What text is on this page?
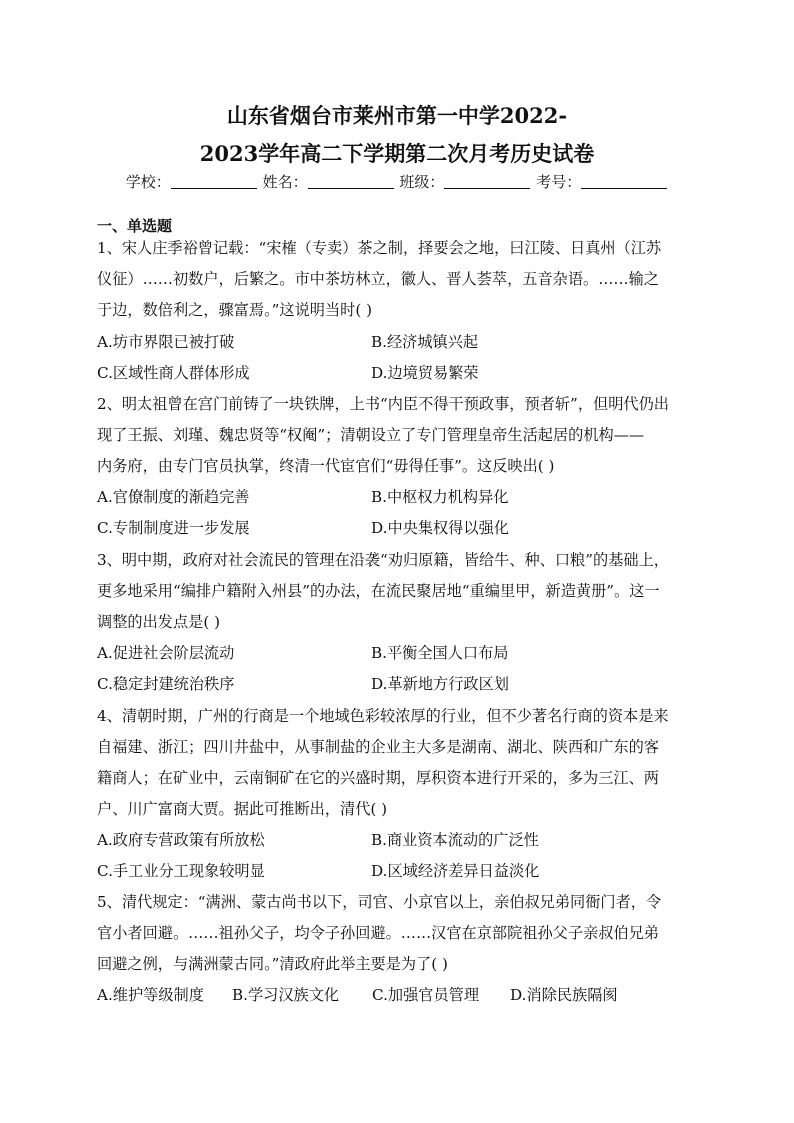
山东省烟台市莱州市第一中学2022-
2023学年高二下学期第二次月考历史试卷
学校：	姓名：	班级：	考号：
一、单选题
1、宋人庄季裕曾记载：“宋榷（专卖）茶之制，择要会之地，曰江陵、日真州（江苏
仪征）……初数户，后繁之。市中茶坊林立，徽人、晋人荟萃，五音杂语。……输之
于边，数倍利之，骤富焉。”这说明当时( )
A.坊市界限已被打破	B.经济城镇兴起
C.区域性商人群体形成	D.边境贸易繁荣
2、明太祖曾在宫门前铸了一块铁牌，上书“内臣不得干预政事，预者斩”，但明代仍出
现了王振、刘瑾、魏忠贤等“权阉”；清朝设立了专门管理皇帝生活起居的机构——
内务府，由专门官员执掌，终清一代宦官们“毋得任事”。这反映出( )
A.官僚制度的渐趋完善	B.中枢权力机构异化
C.专制制度进一步发展	D.中央集权得以强化
3、明中期，政府对社会流民的管理在沿袭“劝归原籍，皆给牛、种、口粮”的基础上，
更多地采用“编排户籍附入州县”的办法，在流民聚居地“重编里甲，新造黄册”。这一
调整的出发点是( )
A.促进社会阶层流动	B.平衡全国人口布局
C.稳定封建统治秩序	D.革新地方行政区划
4、清朝时期，广州的行商是一个地域色彩较浓厚的行业，但不少著名行商的资本是来
自福建、浙江；四川井盐中，从事制盐的企业主大多是湖南、湖北、陕西和广东的客
籍商人；在矿业中，云南铜矿在它的兴盛时期，厚积资本进行开采的，多为三江、两
户、川广富商大贾。据此可推断出，清代( )
A.政府专营政策有所放松	B.商业资本流动的广泛性
C.手工业分工现象较明显	D.区域经济差异日益淡化
5、清代规定：“满洲、蒙古尚书以下，司官、小京官以上，亲伯叔兄弟同衙门者，令
官小者回避。……祖孙父子，均令子孙回避。……汉官在京部院祖孙父子亲叔伯兄弟
回避之例，与满洲蒙古同。”清政府此举主要是为了( )
A.维护等级制度 B.学习汉族文化 C.加强官员管理 D.消除民族隔阂
